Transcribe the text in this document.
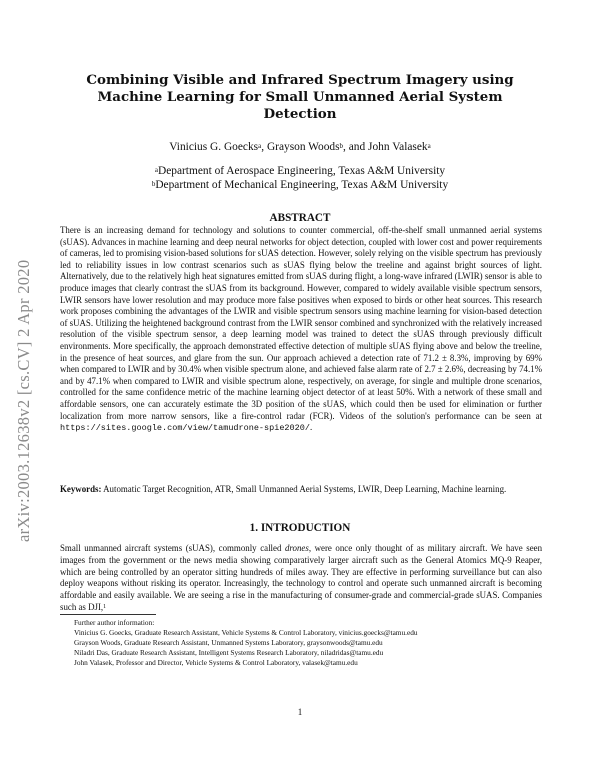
arXiv:2003.12638v2 [cs.CV] 2 Apr 2020
Combining Visible and Infrared Spectrum Imagery using Machine Learning for Small Unmanned Aerial System Detection
Vinicius G. Goecks$^a$, Grayson Woods$^b$, and John Valasek$^a$
$^a$Department of Aerospace Engineering, Texas A&M University
$^b$Department of Mechanical Engineering, Texas A&M University
ABSTRACT

There is an increasing demand for technology and solutions to counter commercial, off-the-shelf small unmanned aerial systems (sUAS). Advances in machine learning and deep neural networks for object detection, coupled with lower cost and power requirements of cameras, led to promising vision-based solutions for sUAS detection. However, solely relying on the visible spectrum has previously led to reliability issues in low contrast scenarios such as sUAS flying below the treeline and against bright sources of light. Alternatively, due to the relatively high heat signatures emitted from sUAS during flight, a long-wave infrared (LWIR) sensor is able to produce images that clearly contrast the sUAS from its background. However, compared to widely available visible spectrum sensors, LWIR sensors have lower resolution and may produce more false positives when exposed to birds or other heat sources. This research work proposes combining the advantages of the LWIR and visible spectrum sensors using machine learning for vision-based detection of sUAS. Utilizing the heightened background contrast from the LWIR sensor combined and synchronized with the relatively increased resolution of the visible spectrum sensor, a deep learning model was trained to detect the sUAS through previously difficult environments. More specifically, the approach demonstrated effective detection of multiple sUAS flying above and below the treeline, in the presence of heat sources, and glare from the sun. Our approach achieved a detection rate of 71.2 ± 8.3%, improving by 69% when compared to LWIR and by 30.4% when visible spectrum alone, and achieved false alarm rate of 2.7 ± 2.6%, decreasing by 74.1% and by 47.1% when compared to LWIR and visible spectrum alone, respectively, on average, for single and multiple drone scenarios, controlled for the same confidence metric of the machine learning object detector of at least 50%. With a network of these small and affordable sensors, one can accurately estimate the 3D position of the sUAS, which could then be used for elimination or further localization from more narrow sensors, like a fire-control radar (FCR). Videos of the solution's performance can be seen at https://sites.google.com/view/tamudrone-spie2020/.

Keywords: Automatic Target Recognition, ATR, Small Unmanned Aerial Systems, LWIR, Deep Learning, Machine learning.

1. INTRODUCTION

Small unmanned aircraft systems (sUAS), commonly called drones, were once only thought of as military aircraft. We have seen images from the government or the news media showing comparatively larger aircraft such as the General Atomics MQ-9 Reaper, which are being controlled by an operator sitting hundreds of miles away. They are effective in performing surveillance but can also deploy weapons without risking its operator. Increasingly, the technology to control and operate such unmanned aircraft is becoming affordable and easily available. We are seeing a rise in the manufacturing of consumer-grade and commercial-grade sUAS. Companies such as DJI,$^1$

Further author information:
Vinicius G. Goecks, Graduate Research Assistant, Vehicle Systems & Control Laboratory, vinicius.goecks@tamu.edu
Grayson Woods, Graduate Research Assistant, Unmanned Systems Laboratory, graysonwoods@tamu.edu
Niladri Das, Graduate Research Assistant, Intelligent Systems Research Laboratory, niladridas@tamu.edu
John Valasek, Professor and Director, Vehicle Systems & Control Laboratory, valasek@tamu.edu
1
